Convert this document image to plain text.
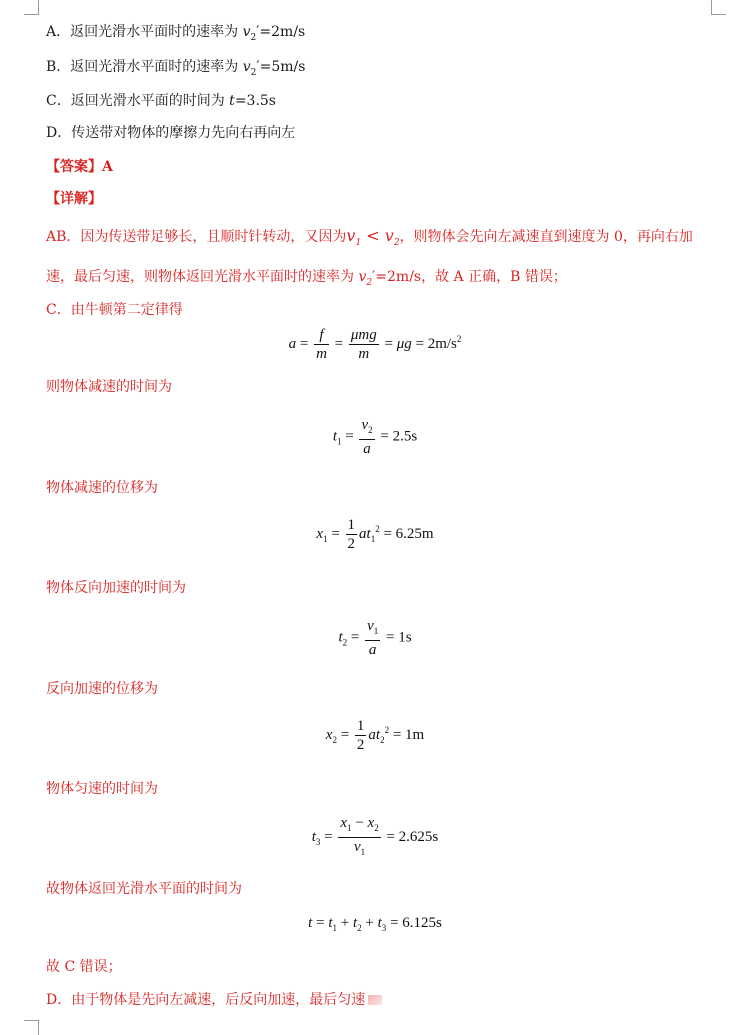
A．返回光滑水平面时的速率为 $v_2'=2m/s$
B．返回光滑水平面时的速率为 $v_2'=5m/s$
C．返回光滑水平面的时间为 t=3.5s
D．传送带对物体的摩擦力先向右再向左
【答案】A
【详解】
AB．因为传送带足够长，且顺时针转动，又因为$v_1 < v_2$，则物体会先向左减速直到速度为 0，再向右加
速，最后匀速，则物体返回光滑水平面时的速率为 $v_2'=2m/s$，故 A 正确，B 错误；
C．由牛顿第二定律得
$a = \frac{f}{m} = \frac{\text{μmg}}{m} = \mu g = 2m/s^2$
则物体减速的时间为
$t_1 = \frac{v_2}{a} = 2.5s$
物体减速的位移为
$x_1 = \frac{1}{2} at_1^2 = 6.25m$
物体反向加速的时间为
$t_2 = \frac{v_1}{a} = 1s$
反向加速的位移为
$x_2 = \frac{1}{2} at_2^2 = 1m$
物体匀速的时间为
$t_3 = \frac{x_1 - x_2}{v_1} = 2.625s$
故物体返回光滑水平面的时间为
$t = t_1 + t_2 + t_3 = 6.125s$
故 C 错误；
D．由于物体是先向左减速，后反向加速，最后匀速
